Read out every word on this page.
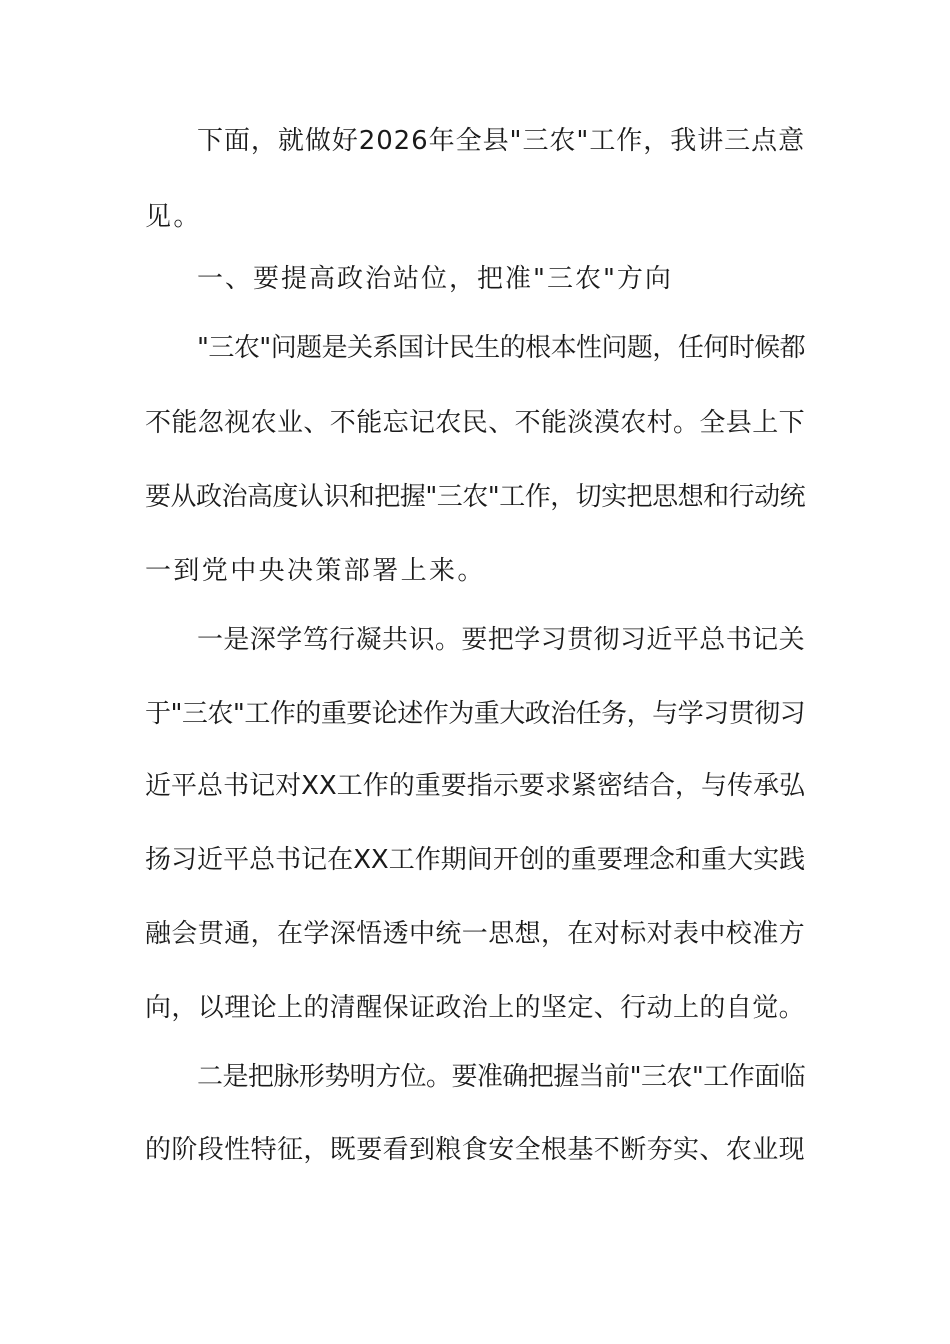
下面，就做好2026年全县"三农"工作，我讲三点意
见。
一、要提高政治站位，把准"三农"方向
"三农"问题是关系国计民生的根本性问题，任何时候都
不能忽视农业、不能忘记农民、不能淡漠农村。全县上下
要从政治高度认识和把握"三农"工作，切实把思想和行动统
一到党中央决策部署上来。
一是深学笃行凝共识。要把学习贯彻习近平总书记关
于"三农"工作的重要论述作为重大政治任务，与学习贯彻习
近平总书记对XX工作的重要指示要求紧密结合，与传承弘
扬习近平总书记在XX工作期间开创的重要理念和重大实践
融会贯通，在学深悟透中统一思想，在对标对表中校准方
向，以理论上的清醒保证政治上的坚定、行动上的自觉。
二是把脉形势明方位。要准确把握当前"三农"工作面临
的阶段性特征，既要看到粮食安全根基不断夯实、农业现
